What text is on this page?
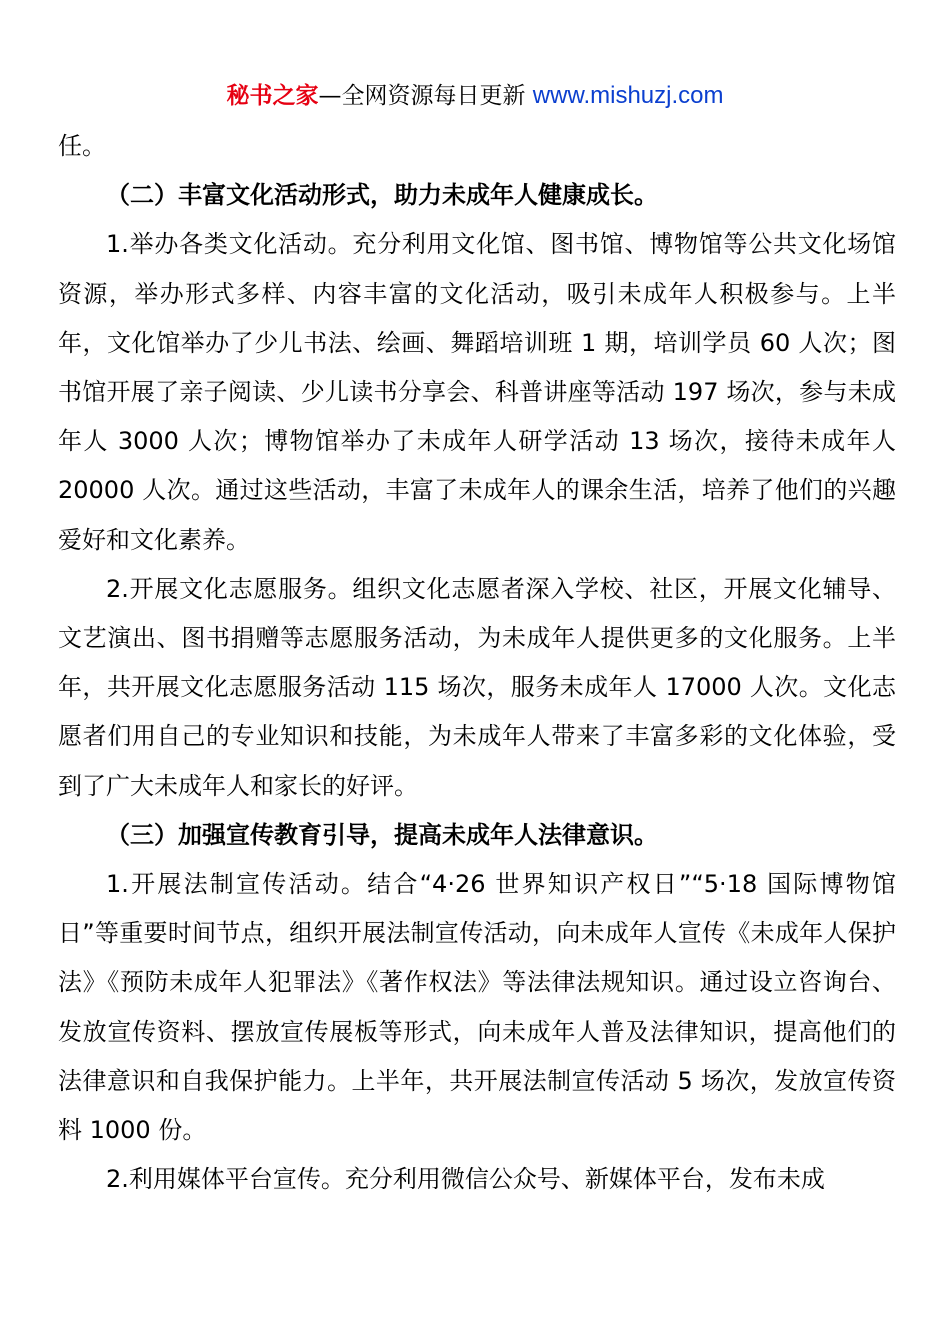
秘书之家—全网资源每日更新 www.mishuzj.com

任。

（二）丰富文化活动形式，助力未成年人健康成长。

1.举办各类文化活动。充分利用文化馆、图书馆、博物馆等公共文化场馆资源，举办形式多样、内容丰富的文化活动，吸引未成年人积极参与。上半年，文化馆举办了少儿书法、绘画、舞蹈培训班 1 期，培训学员 60 人次；图书馆开展了亲子阅读、少儿读书分享会、科普讲座等活动 197 场次，参与未成年人 3000 人次；博物馆举办了未成年人研学活动 13 场次，接待未成年人 20000 人次。通过这些活动，丰富了未成年人的课余生活，培养了他们的兴趣爱好和文化素养。

2.开展文化志愿服务。组织文化志愿者深入学校、社区，开展文化辅导、文艺演出、图书捐赠等志愿服务活动，为未成年人提供更多的文化服务。上半年，共开展文化志愿服务活动 115 场次，服务未成年人 17000 人次。文化志愿者们用自己的专业知识和技能，为未成年人带来了丰富多彩的文化体验，受到了广大未成年人和家长的好评。

（三）加强宣传教育引导，提高未成年人法律意识。

1.开展法制宣传活动。结合“4·26 世界知识产权日”“5·18 国际博物馆日”等重要时间节点，组织开展法制宣传活动，向未成年人宣传《未成年人保护法》《预防未成年人犯罪法》《著作权法》等法律法规知识。通过设立咨询台、发放宣传资料、摆放宣传展板等形式，向未成年人普及法律知识，提高他们的法律意识和自我保护能力。上半年，共开展法制宣传活动 5 场次，发放宣传资料 1000 份。

2.利用媒体平台宣传。充分利用微信公众号、新媒体平台，发布未成
